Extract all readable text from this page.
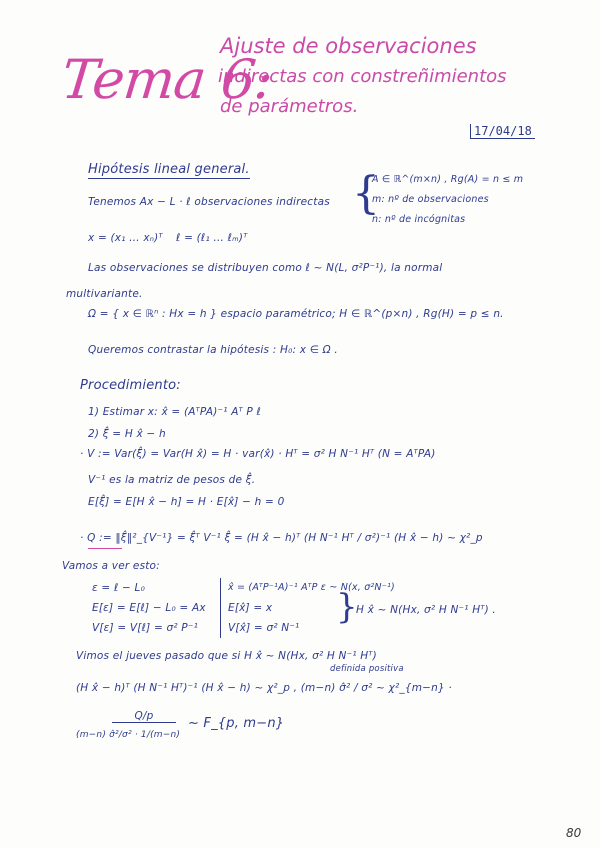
Tema 6:
Ajuste de observaciones
indirectas con constreñimientos
de parámetros.
17/04/18
Hipótesis lineal general.
Tenemos Ax − L · ℓ observaciones indirectas {
A ∈ ℝ^(m×n) , Rg(A) = n ≤ m
m: nº de observaciones
n: nº de incógnitas
x = (x₁ … xₙ)ᵀ ℓ = (ℓ₁ … ℓₘ)ᵀ
Las observaciones se distribuyen como ℓ ~ N(L, σ²P⁻¹), la normal
multivariante.
Ω = { x ∈ ℝⁿ : Hx = h } espacio paramétrico; H ∈ ℝ^(p×n) , Rg(H) = p ≤ n.
Queremos contrastar la hipótesis : H₀: x ∈ Ω .
Procedimiento:
1) Estimar x: x̂ = (AᵀPA)⁻¹ Aᵀ P ℓ
2) ξ̂ = H x̂ − h
· V := Var(ξ̂) = Var(H x̂) = H · var(x̂) · Hᵀ = σ² H N⁻¹ Hᵀ (N = AᵀPA)
V⁻¹ es la matriz de pesos de ξ̂.
E[ξ̂] = E[H x̂ − h] = H · E[x̂] − h = 0
· Q := ‖ξ̂‖²_{V⁻¹} = ξ̂ᵀ V⁻¹ ξ̂ = (H x̂ − h)ᵀ (H N⁻¹ Hᵀ / σ²)⁻¹ (H x̂ − h) ~ χ²_p
Vamos a ver esto:
ε = ℓ − L₀
E[ε] = E[ℓ] − L₀ = Ax
V[ε] = V[ℓ] = σ² P⁻¹
x̂ = (AᵀP⁻¹A)⁻¹ AᵀP ε ~ N(x, σ²N⁻¹)
E[x̂] = x
V[x̂] = σ² N⁻¹
}
H x̂ ~ N(Hx, σ² H N⁻¹ Hᵀ) .
Vimos el jueves pasado que si H x̂ ~ N(Hx, σ² H N⁻¹ Hᵀ)
definida positiva
(H x̂ − h)ᵀ (H N⁻¹ Hᵀ)⁻¹ (H x̂ − h) ~ χ²_p , (m−n) σ̂² / σ² ~ χ²_{m−n} ·
Q/p
(m−n) σ̂²/σ² · 1/(m−n)
~ F_{p, m−n}
80
